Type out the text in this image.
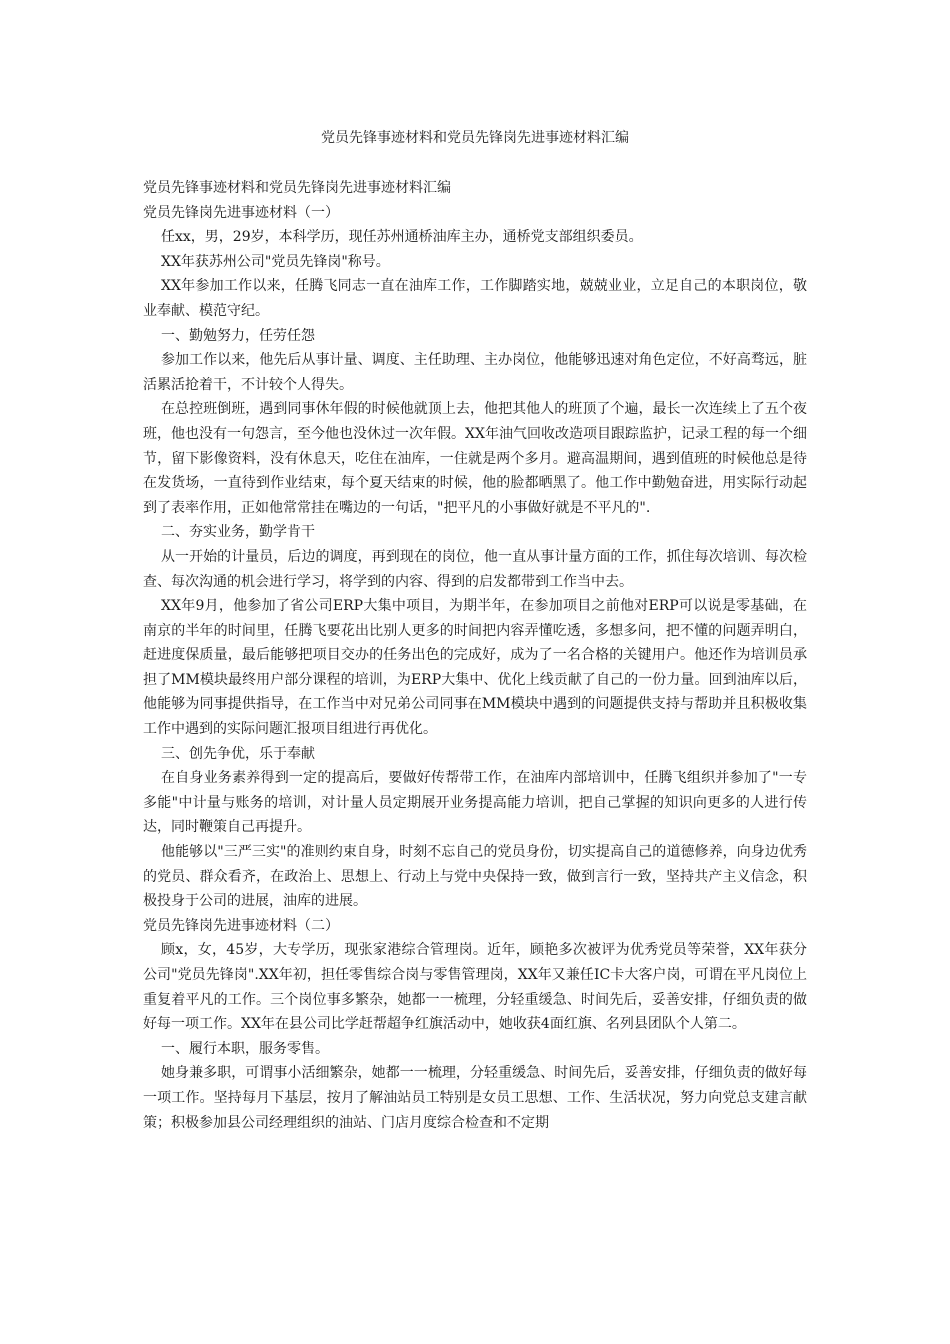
党员先锋事迹材料和党员先锋岗先进事迹材料汇编

党员先锋事迹材料和党员先锋岗先进事迹材料汇编

党员先锋岗先进事迹材料（一）

任xx，男，29岁，本科学历，现任苏州通桥油库主办，通桥党支部组织委员。

XX年获苏州公司"党员先锋岗"称号。

XX年参加工作以来，任腾飞同志一直在油库工作，工作脚踏实地，兢兢业业，立足自己的本职岗位，敬业奉献、模范守纪。

一、勤勉努力，任劳任怨

参加工作以来，他先后从事计量、调度、主任助理、主办岗位，他能够迅速对角色定位，不好高骛远，脏活累活抢着干，不计较个人得失。

在总控班倒班，遇到同事休年假的时候他就顶上去，他把其他人的班顶了个遍，最长一次连续上了五个夜班，他也没有一句怨言，至今他也没休过一次年假。XX年油气回收改造项目跟踪监护，记录工程的每一个细节，留下影像资料，没有休息天，吃住在油库，一住就是两个多月。避高温期间，遇到值班的时候他总是待在发货场，一直待到作业结束，每个夏天结束的时候，他的脸都晒黑了。他工作中勤勉奋进，用实际行动起到了表率作用，正如他常常挂在嘴边的一句话，"把平凡的小事做好就是不平凡的".

二、夯实业务，勤学肯干

从一开始的计量员，后边的调度，再到现在的岗位，他一直从事计量方面的工作，抓住每次培训、每次检查、每次沟通的机会进行学习，将学到的内容、得到的启发都带到工作当中去。

XX年9月，他参加了省公司ERP大集中项目，为期半年，在参加项目之前他对ERP可以说是零基础，在南京的半年的时间里，任腾飞要花出比别人更多的时间把内容弄懂吃透，多想多问，把不懂的问题弄明白，赶进度保质量，最后能够把项目交办的任务出色的完成好，成为了一名合格的关键用户。他还作为培训员承担了MM模块最终用户部分课程的培训，为ERP大集中、优化上线贡献了自己的一份力量。回到油库以后，他能够为同事提供指导，在工作当中对兄弟公司同事在MM模块中遇到的问题提供支持与帮助并且积极收集工作中遇到的实际问题汇报项目组进行再优化。

三、创先争优，乐于奉献

在自身业务素养得到一定的提高后，要做好传帮带工作，在油库内部培训中，任腾飞组织并参加了"一专多能"中计量与账务的培训，对计量人员定期展开业务提高能力培训，把自己掌握的知识向更多的人进行传达，同时鞭策自己再提升。

他能够以"三严三实"的准则约束自身，时刻不忘自己的党员身份，切实提高自己的道德修养，向身边优秀的党员、群众看齐，在政治上、思想上、行动上与党中央保持一致，做到言行一致，坚持共产主义信念，积极投身于公司的进展，油库的进展。

党员先锋岗先进事迹材料（二）

顾x，女，45岁，大专学历，现张家港综合管理岗。近年，顾艳多次被评为优秀党员等荣誉，XX年获分公司"党员先锋岗".XX年初，担任零售综合岗与零售管理岗，XX年又兼任IC卡大客户岗，可谓在平凡岗位上重复着平凡的工作。三个岗位事多繁杂，她都一一梳理，分轻重缓急、时间先后，妥善安排，仔细负责的做好每一项工作。XX年在县公司比学赶帮超争红旗活动中，她收获4面红旗、名列县团队个人第二。

一、履行本职，服务零售。

她身兼多职，可谓事小活细繁杂，她都一一梳理，分轻重缓急、时间先后，妥善安排，仔细负责的做好每一项工作。坚持每月下基层，按月了解油站员工特别是女员工思想、工作、生活状况，努力向党总支建言献策；积极参加县公司经理组织的油站、门店月度综合检查和不定期
